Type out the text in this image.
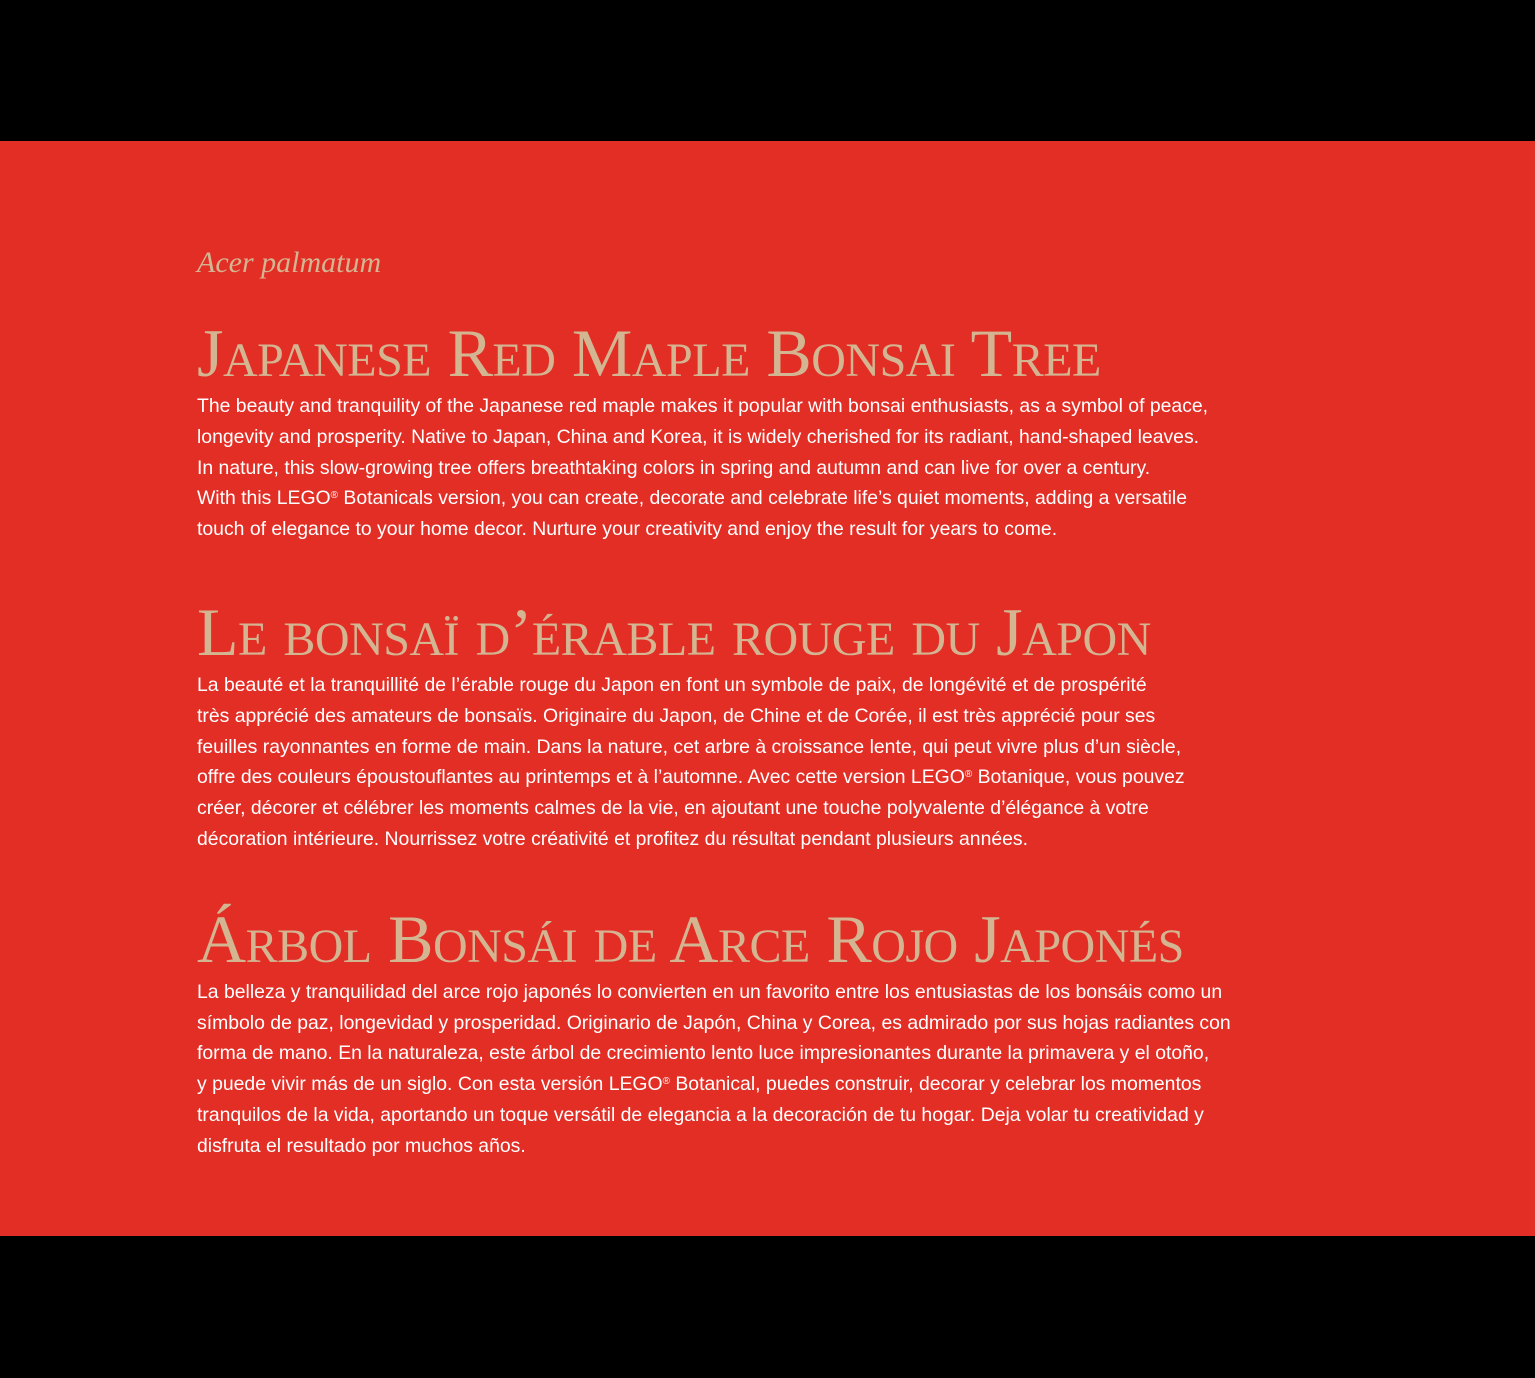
Acer palmatum

Japanese Red Maple Bonsai Tree

The beauty and tranquility of the Japanese red maple makes it popular with bonsai enthusiasts, as a symbol of peace,
longevity and prosperity. Native to Japan, China and Korea, it is widely cherished for its radiant, hand-shaped leaves.
In nature, this slow-growing tree offers breathtaking colors in spring and autumn and can live for over a century.
With this LEGO® Botanicals version, you can create, decorate and celebrate life’s quiet moments, adding a versatile
touch of elegance to your home decor. Nurture your creativity and enjoy the result for years to come.

Le bonsaï d’érable rouge du Japon

La beauté et la tranquillité de l’érable rouge du Japon en font un symbole de paix, de longévité et de prospérité
très apprécié des amateurs de bonsaïs. Originaire du Japon, de Chine et de Corée, il est très apprécié pour ses
feuilles rayonnantes en forme de main. Dans la nature, cet arbre à croissance lente, qui peut vivre plus d’un siècle,
offre des couleurs époustouflantes au printemps et à l’automne. Avec cette version LEGO® Botanique, vous pouvez
créer, décorer et célébrer les moments calmes de la vie, en ajoutant une touche polyvalente d’élégance à votre
décoration intérieure. Nourrissez votre créativité et profitez du résultat pendant plusieurs années.

Árbol Bonsái de Arce Rojo Japonés

La belleza y tranquilidad del arce rojo japonés lo convierten en un favorito entre los entusiastas de los bonsáis como un
símbolo de paz, longevidad y prosperidad. Originario de Japón, China y Corea, es admirado por sus hojas radiantes con
forma de mano. En la naturaleza, este árbol de crecimiento lento luce impresionantes durante la primavera y el otoño,
y puede vivir más de un siglo. Con esta versión LEGO® Botanical, puedes construir, decorar y celebrar los momentos
tranquilos de la vida, aportando un toque versátil de elegancia a la decoración de tu hogar. Deja volar tu creatividad y
disfruta el resultado por muchos años.
